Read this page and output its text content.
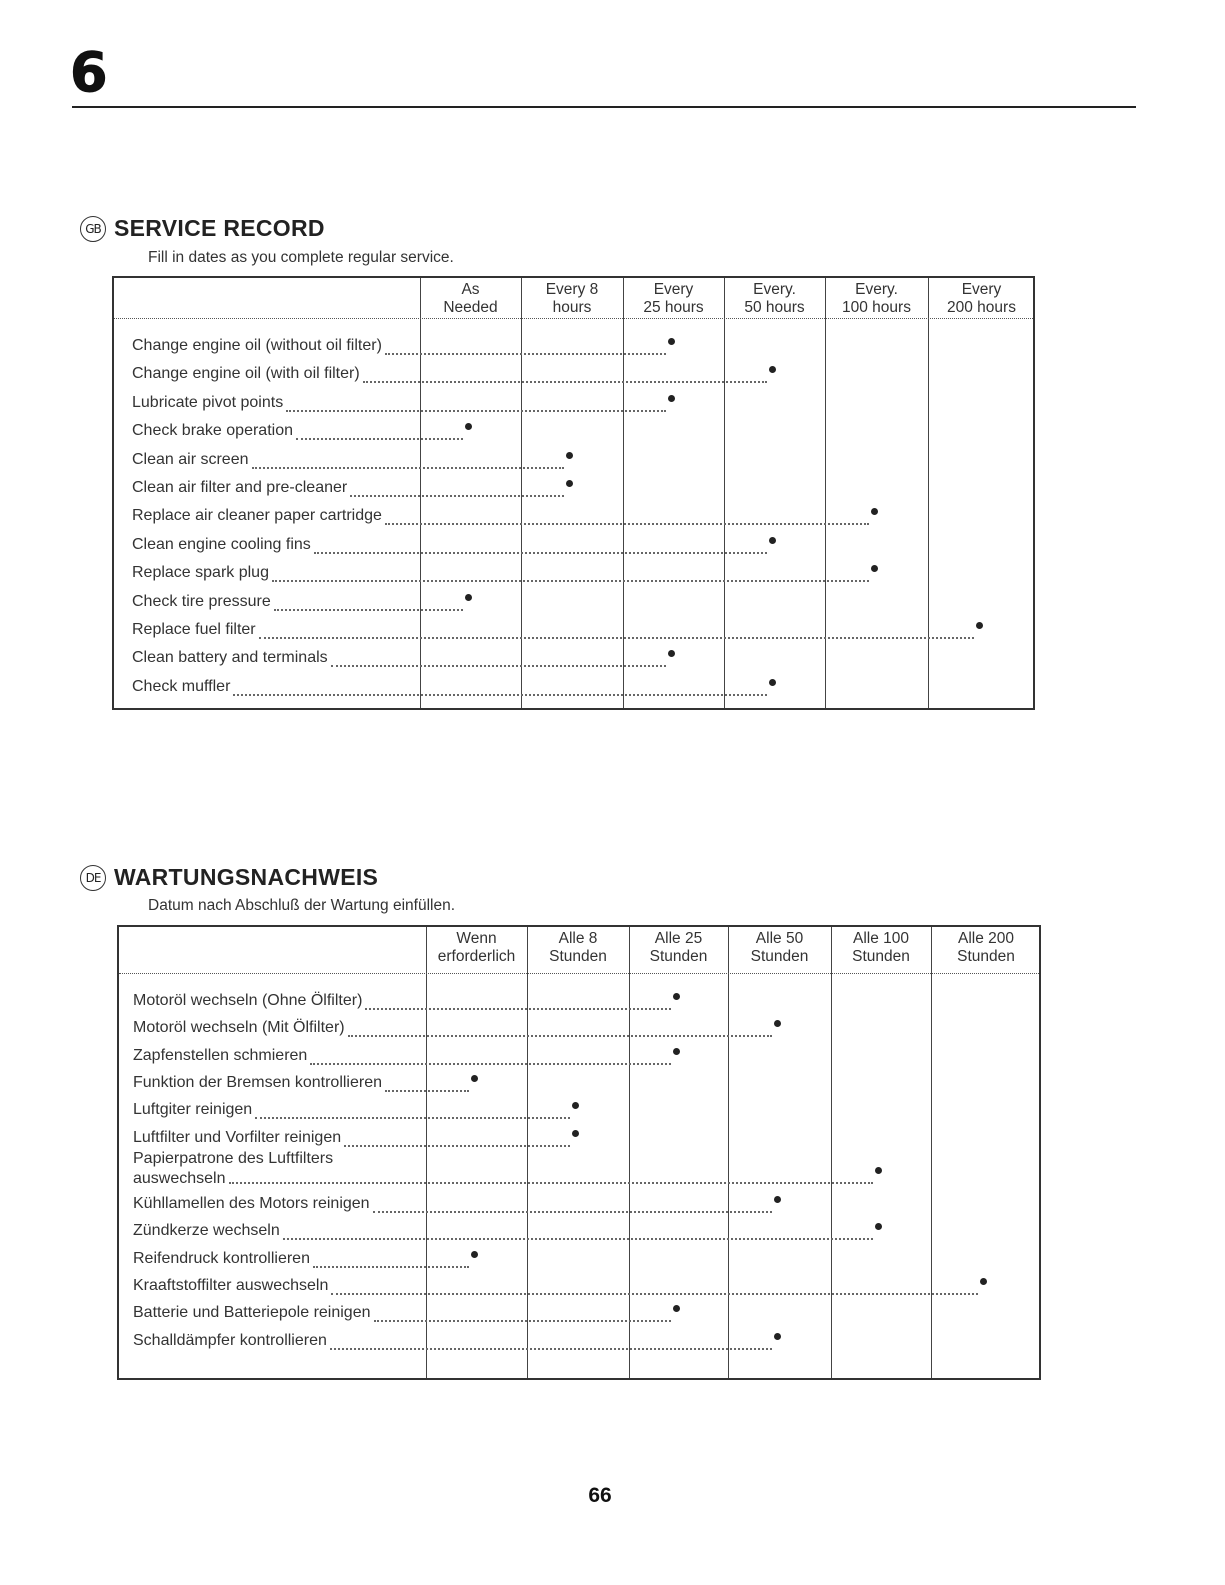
6
GB SERVICE RECORD
Fill in dates as you complete regular service.
As
Needed
Every 8
hours
Every
25 hours
Every.
50 hours
Every.
100 hours
Every
200 hours
Change engine oil (without oil filter)
Change engine oil (with oil filter)
Lubricate pivot points
Check brake operation
Clean air screen
Clean air filter and pre-cleaner
Replace air cleaner paper cartridge
Clean engine cooling fins
Replace spark plug
Check tire pressure
Replace fuel filter
Clean battery and terminals
Check muffler
DE WARTUNGSNACHWEIS
Datum nach Abschluß der Wartung einfüllen.
Wenn
erforderlich
Alle 8
Stunden
Alle 25
Stunden
Alle 50
Stunden
Alle 100
Stunden
Alle 200
Stunden
Motoröl wechseln (Ohne Ölfilter)
Motoröl wechseln (Mit Ölfilter)
Zapfenstellen schmieren
Funktion der Bremsen kontrollieren
Luftgiter reinigen
Luftfilter und Vorfilter reinigen
Papierpatrone des Luftfilters
auswechseln
Kühllamellen des Motors reinigen
Zündkerze wechseln
Reifendruck kontrollieren
Kraaftstoffilter auswechseln
Batterie und Batteriepole reinigen
Schalldämpfer kontrollieren
66
